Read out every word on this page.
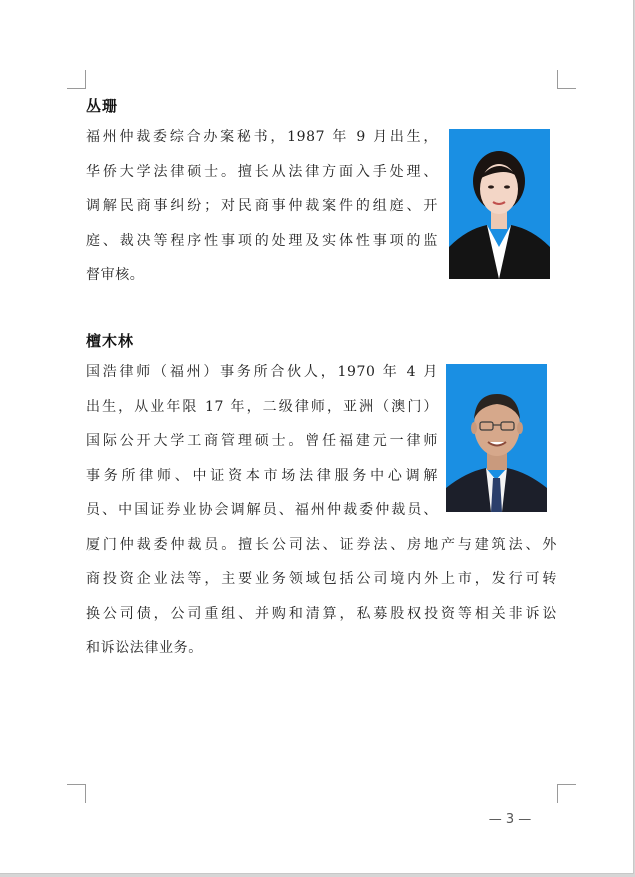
丛珊
福州仲裁委综合办案秘书，1987 年 9 月出生，
华侨大学法律硕士。擅长从法律方面入手处理、
调解民商事纠纷；对民商事仲裁案件的组庭、开
庭、裁决等程序性事项的处理及实体性事项的监
督审核。
檀木林
国浩律师（福州）事务所合伙人，1970 年 4 月
出生，从业年限 17 年，二级律师，亚洲（澳门）
国际公开大学工商管理硕士。曾任福建元一律师
事务所律师、中证资本市场法律服务中心调解
员、中国证券业协会调解员、福州仲裁委仲裁员、
厦门仲裁委仲裁员。擅长公司法、证券法、房地产与建筑法、外
商投资企业法等，主要业务领域包括公司境内外上市，发行可转
换公司债，公司重组、并购和清算，私募股权投资等相关非诉讼
和诉讼法律业务。
— 3 —
